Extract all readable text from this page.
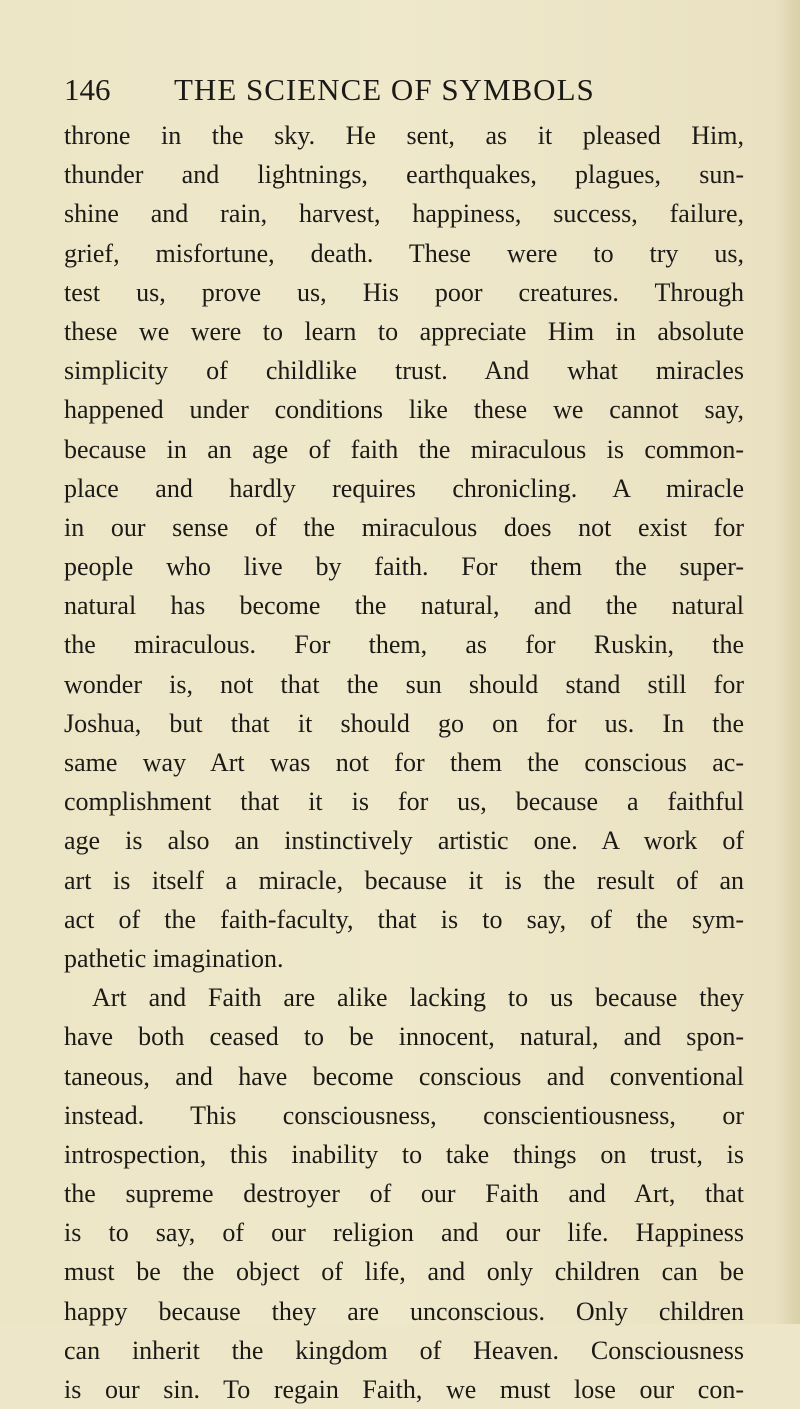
146 THE SCIENCE OF SYMBOLS
throne in the sky. He sent, as it pleased Him,
thunder and lightnings, earthquakes, plagues, sun-
shine and rain, harvest, happiness, success, failure,
grief, misfortune, death. These were to try us,
test us, prove us, His poor creatures. Through
these we were to learn to appreciate Him in absolute
simplicity of childlike trust. And what miracles
happened under conditions like these we cannot say,
because in an age of faith the miraculous is common-
place and hardly requires chronicling. A miracle
in our sense of the miraculous does not exist for
people who live by faith. For them the super-
natural has become the natural, and the natural
the miraculous. For them, as for Ruskin, the
wonder is, not that the sun should stand still for
Joshua, but that it should go on for us. In the
same way Art was not for them the conscious ac-
complishment that it is for us, because a faithful
age is also an instinctively artistic one. A work of
art is itself a miracle, because it is the result of an
act of the faith-faculty, that is to say, of the sym-
pathetic imagination.
Art and Faith are alike lacking to us because they
have both ceased to be innocent, natural, and spon-
taneous, and have become conscious and conventional
instead. This consciousness, conscientiousness, or
introspection, this inability to take things on trust, is
the supreme destroyer of our Faith and Art, that
is to say, of our religion and our life. Happiness
must be the object of life, and only children can be
happy because they are unconscious. Only children
can inherit the kingdom of Heaven. Consciousness
is our sin. To regain Faith, we must lose our con-
